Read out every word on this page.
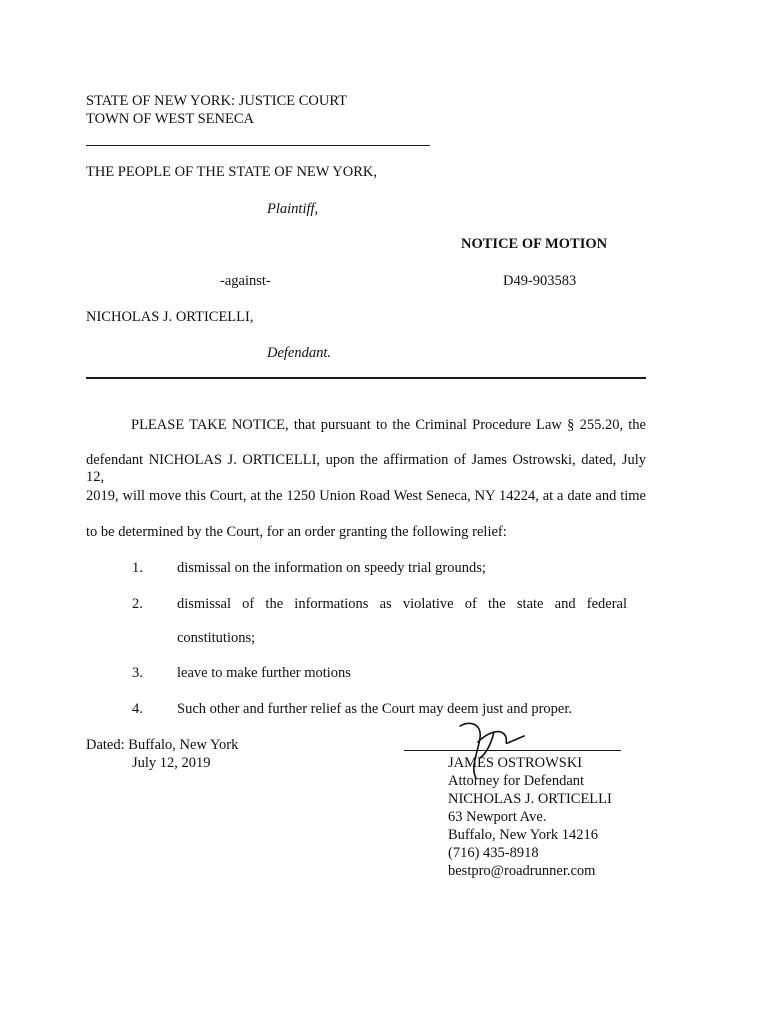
STATE OF NEW YORK: JUSTICE COURT
TOWN OF WEST SENECA
THE PEOPLE OF THE STATE OF NEW YORK,
Plaintiff,
NOTICE OF MOTION
-against-	D49-903583
NICHOLAS J. ORTICELLI,
Defendant.
PLEASE TAKE NOTICE, that pursuant to the Criminal Procedure Law § 255.20, the
defendant NICHOLAS J. ORTICELLI, upon the affirmation of James Ostrowski, dated, July 12,
2019, will move this Court, at the 1250 Union Road West Seneca, NY 14224, at a date and time
to be determined by the Court, for an order granting the following relief:
1. dismissal on the information on speedy trial grounds;
2. dismissal of the informations as violative of the state and federal
constitutions;
3. leave to make further motions
4. Such other and further relief as the Court may deem just and proper.
Dated: Buffalo, New York
July 12, 2019	JAMES OSTROWSKI
Attorney for Defendant
NICHOLAS J. ORTICELLI
63 Newport Ave.
Buffalo, New York 14216
(716) 435-8918
bestpro@roadrunner.com
